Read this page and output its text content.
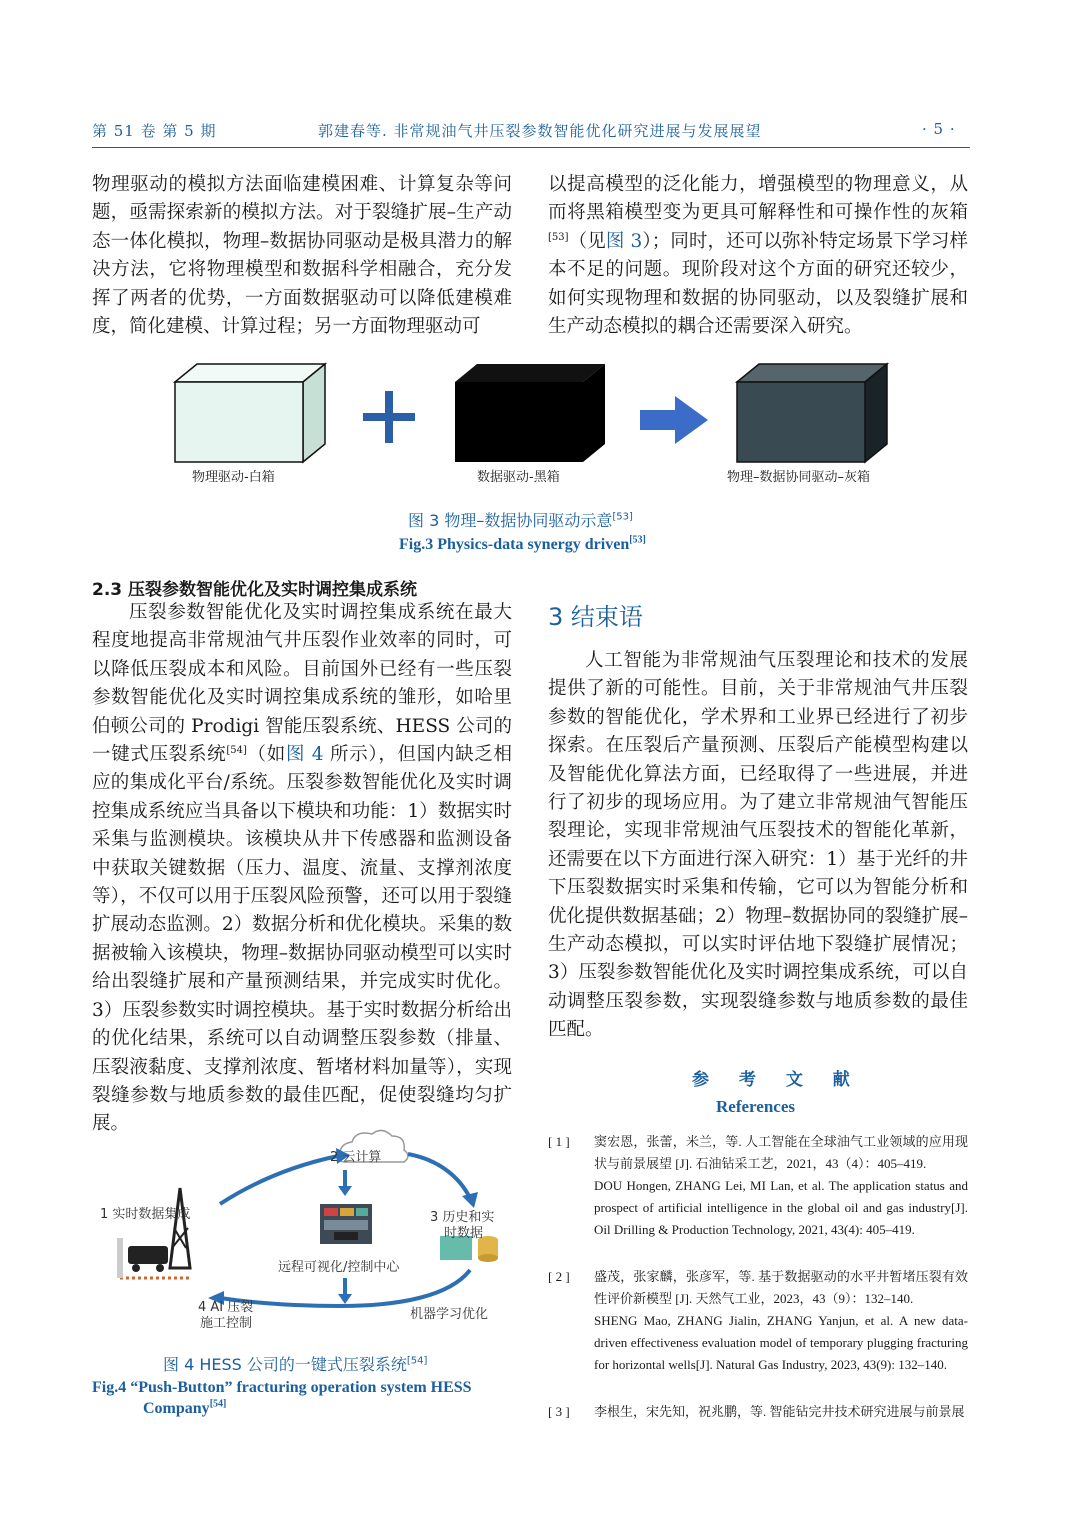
第 51 卷 第 5 期	郭建春等. 非常规油气井压裂参数智能优化研究进展与发展展望	· 5 ·
物理驱动的模拟方法面临建模困难、计算复杂等问题，亟需探索新的模拟方法。对于裂缝扩展–生产动态一体化模拟，物理–数据协同驱动是极具潜力的解决方法，它将物理模型和数据科学相融合，充分发挥了两者的优势，一方面数据驱动可以降低建模难度，简化建模、计算过程；另一方面物理驱动可
以提高模型的泛化能力，增强模型的物理意义，从而将黑箱模型变为更具可解释性和可操作性的灰箱[53]（见图 3）；同时，还可以弥补特定场景下学习样本不足的问题。现阶段对这个方面的研究还较少，如何实现物理和数据的协同驱动，以及裂缝扩展和生产动态模拟的耦合还需要深入研究。
物理驱动-白箱	数据驱动-黑箱	物理–数据协同驱动–灰箱
图 3 物理–数据协同驱动示意[53]
Fig.3 Physics-data synergy driven[53]
2.3 压裂参数智能优化及实时调控集成系统
压裂参数智能优化及实时调控集成系统在最大程度地提高非常规油气井压裂作业效率的同时，可以降低压裂成本和风险。目前国外已经有一些压裂参数智能优化及实时调控集成系统的雏形，如哈里伯顿公司的 Prodigi 智能压裂系统、HESS 公司的一键式压裂系统[54]（如图 4 所示），但国内缺乏相应的集成化平台/系统。压裂参数智能优化及实时调控集成系统应当具备以下模块和功能：1）数据实时采集与监测模块。该模块从井下传感器和监测设备中获取关键数据（压力、温度、流量、支撑剂浓度等），不仅可以用于压裂风险预警，还可以用于裂缝扩展动态监测。2）数据分析和优化模块。采集的数据被输入该模块，物理–数据协同驱动模型可以实时给出裂缝扩展和产量预测结果，并完成实时优化。3）压裂参数实时调控模块。基于实时数据分析给出的优化结果，系统可以自动调整压裂参数（排量、压裂液黏度、支撑剂浓度、暂堵材料加量等），实现裂缝参数与地质参数的最佳匹配，促使裂缝均匀扩展。
1 实时数据集成
2 云计算
3 历史和实
时数据
远程可视化/控制中心
机器学习优化
4 AI 压裂
施工控制
图 4 HESS 公司的一键式压裂系统[54]
Fig.4 “Push-Button” fracturing operation system HESS
Company[54]
3 结束语
人工智能为非常规油气压裂理论和技术的发展提供了新的可能性。目前，关于非常规油气井压裂参数的智能优化，学术界和工业界已经进行了初步探索。在压裂后产量预测、压裂后产能模型构建以及智能优化算法方面，已经取得了一些进展，并进行了初步的现场应用。为了建立非常规油气智能压裂理论，实现非常规油气压裂技术的智能化革新，还需要在以下方面进行深入研究：1）基于光纤的井下压裂数据实时采集和传输，它可以为智能分析和优化提供数据基础；2）物理–数据协同的裂缝扩展–生产动态模拟，可以实时评估地下裂缝扩展情况；3）压裂参数智能优化及实时调控集成系统，可以自动调整压裂参数，实现裂缝参数与地质参数的最佳匹配。
参 考 文 献
References
[ 1 ] 窦宏恩，张蕾，米兰，等. 人工智能在全球油气工业领域的应用现状与前景展望 [J]. 石油钻采工艺，2021，43（4）：405–419.
DOU Hongen, ZHANG Lei, MI Lan, et al. The application status and prospect of artificial intelligence in the global oil and gas industry[J]. Oil Drilling & Production Technology, 2021, 43(4): 405–419.
[ 2 ] 盛茂，张家麟，张彦军，等. 基于数据驱动的水平井暂堵压裂有效性评价新模型 [J]. 天然气工业，2023，43（9）：132–140.
SHENG Mao, ZHANG Jialin, ZHANG Yanjun, et al. A new data-driven effectiveness evaluation model of temporary plugging fracturing for horizontal wells[J]. Natural Gas Industry, 2023, 43(9): 132–140.
[ 3 ] 李根生，宋先知，祝兆鹏，等. 智能钻完井技术研究进展与前景展
